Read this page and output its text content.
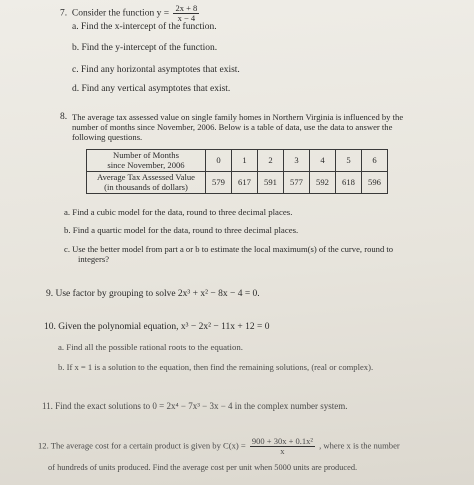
7. Consider the function $y = \frac{2x + 8}{x - 4}$
a. Find the x-intercept of the function.
b. Find the y-intercept of the function.
c. Find any horizontal asymptotes that exist.
d. Find any vertical asymptotes that exist.
8. The average tax assessed value on single family homes in Northern Virginia is influenced by the
number of months since November, 2006. Below is a table of data, use the data to answer the
following questions.
Number of Months
since November, 2006	0	1	2	3	4	5	6
Average Tax Assessed Value
(in thousands of dollars)	579	617	591	577	592	618	596
a. Find a cubic model for the data, round to three decimal places.
b. Find a quartic model for the data, round to three decimal places.
c. Use the better model from part a or b to estimate the local maximum(s) of the curve, round to
integers?
9. Use factor by grouping to solve 2x³ + x² − 8x − 4 = 0.
10. Given the polynomial equation, x³ − 2x² − 11x + 12 = 0
a. Find all the possible rational roots to the equation.
b. If x = 1 is a solution to the equation, then find the remaining solutions, (real or complex).
11. Find the exact solutions to 0 = 2x⁴ − 7x³ − 3x − 4 in the complex number system.
12. The average cost for a certain product is given by $C(x) = \frac{\text{900 + 30x + 0.1x²}}{x}$ , where x is the number
of hundreds of units produced. Find the average cost per unit when 5000 units are produced.
